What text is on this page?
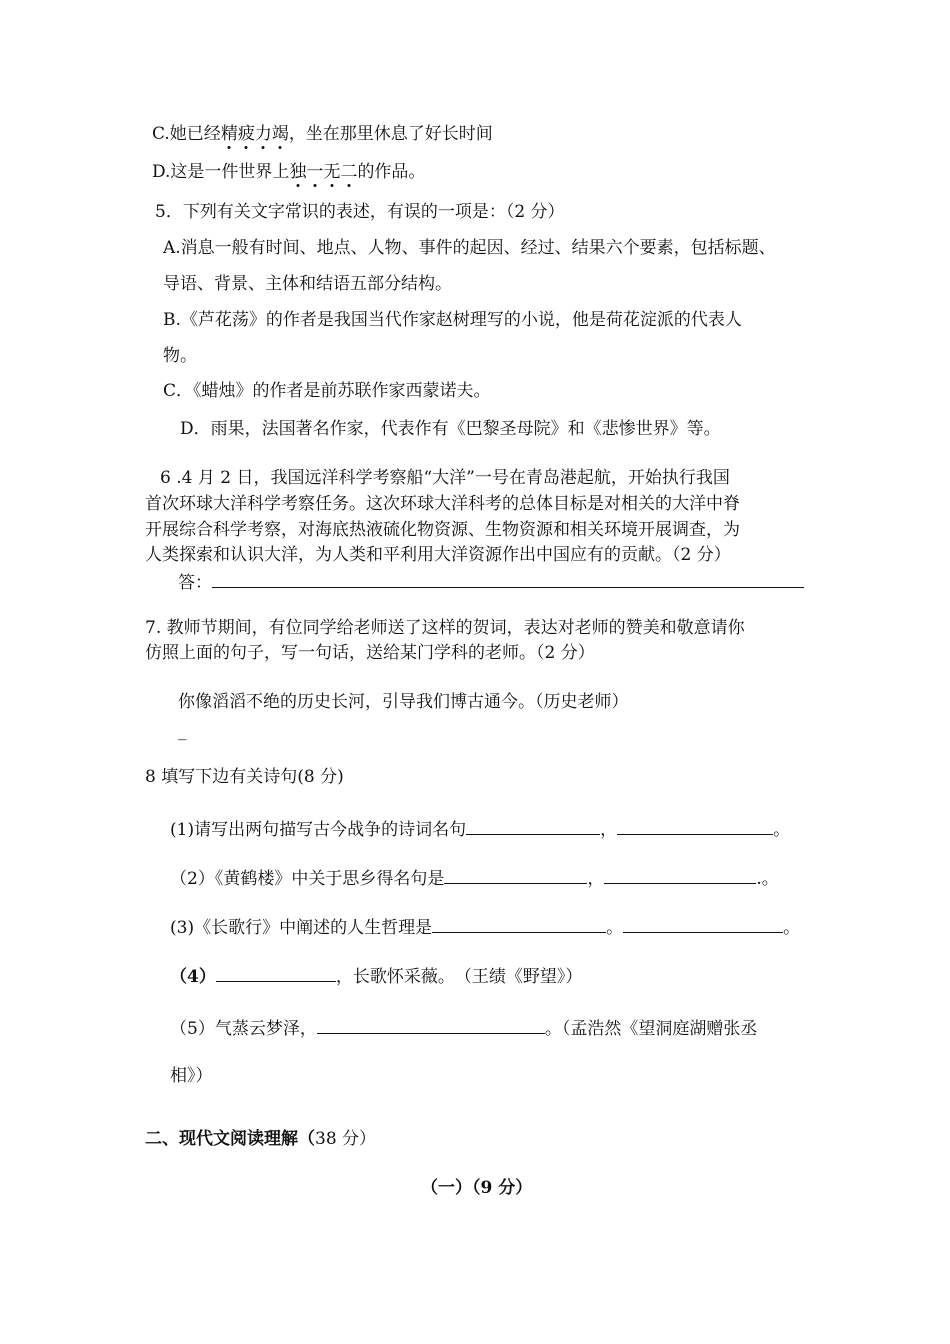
C.她已经精疲力竭，坐在那里休息了好长时间
D.这是一件世界上独一无二的作品。
5．下列有关文字常识的表述，有误的一项是：（2 分）
A.消息一般有时间、地点、人物、事件的起因、经过、结果六个要素，包括标题、
导语、背景、主体和结语五部分结构。
B.《芦花荡》的作者是我国当代作家赵树理写的小说，他是荷花淀派的代表人
物。
C．《蜡烛》的作者是前苏联作家西蒙诺夫。
D．雨果，法国著名作家，代表作有《巴黎圣母院》和《悲惨世界》等。
6 .4 月 2 日，我国远洋科学考察船“大洋”一号在青岛港起航，开始执行我国
首次环球大洋科学考察任务。这次环球大洋科考的总体目标是对相关的大洋中脊
开展综合科学考察，对海底热液硫化物资源、生物资源和相关环境开展调查，为
人类探索和认识大洋，为人类和平利用大洋资源作出中国应有的贡献。（2 分）
答：
7. 教师节期间，有位同学给老师送了这样的贺词，表达对老师的赞美和敬意请你
仿照上面的句子，写一句话，送给某门学科的老师。（2 分）
你像滔滔不绝的历史长河，引导我们博古通今。（历史老师）
_
8 填写下边有关诗句(8 分)
(1)请写出两句描写古今战争的诗词名句	，	。
（2）《黄鹤楼》中关于思乡得名句是	，	.。
(3)《长歌行》中阐述的人生哲理是	。	。
（4）	，长歌怀采薇。　（王绩《野望》）
（5）气蒸云梦泽，	。（孟浩然《望洞庭湖赠张丞
相》）
二、现代文阅读理解（38 分）
（一）（9 分）
